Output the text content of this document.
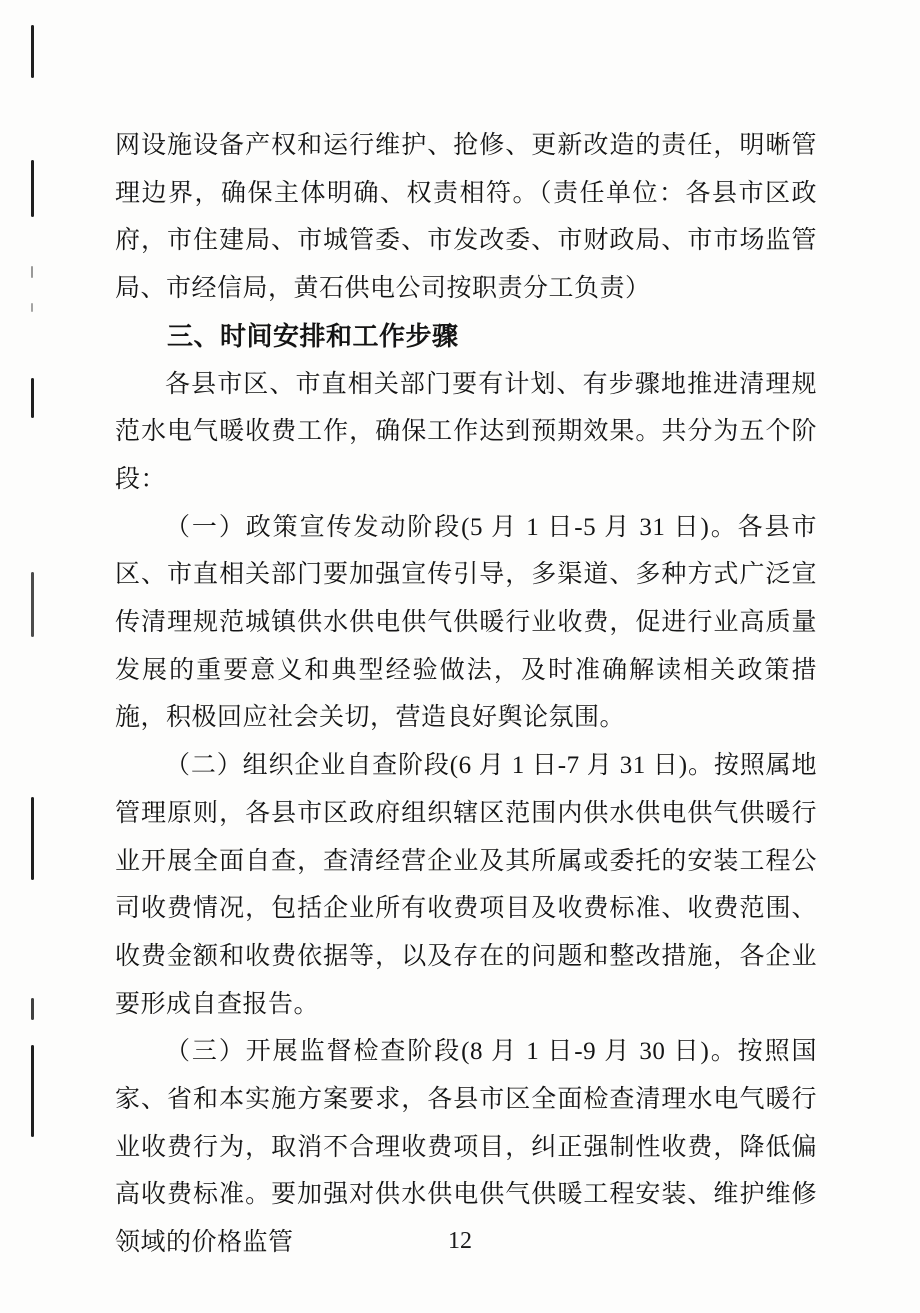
网设施设备产权和运行维护、抢修、更新改造的责任，明晰管理边界，确保主体明确、权责相符。（责任单位：各县市区政府，市住建局、市城管委、市发改委、市财政局、市市场监管局、市经信局，黄石供电公司按职责分工负责）

三、时间安排和工作步骤

各县市区、市直相关部门要有计划、有步骤地推进清理规范水电气暖收费工作，确保工作达到预期效果。共分为五个阶段：

（一）政策宣传发动阶段(5 月 1 日-5 月 31 日)。各县市区、市直相关部门要加强宣传引导，多渠道、多种方式广泛宣传清理规范城镇供水供电供气供暖行业收费，促进行业高质量发展的重要意义和典型经验做法，及时准确解读相关政策措施，积极回应社会关切，营造良好舆论氛围。

（二）组织企业自查阶段(6 月 1 日-7 月 31 日)。按照属地管理原则，各县市区政府组织辖区范围内供水供电供气供暖行业开展全面自查，查清经营企业及其所属或委托的安装工程公司收费情况，包括企业所有收费项目及收费标准、收费范围、收费金额和收费依据等，以及存在的问题和整改措施，各企业要形成自查报告。

（三）开展监督检查阶段(8 月 1 日-9 月 30 日)。按照国家、省和本实施方案要求，各县市区全面检查清理水电气暖行业收费行为，取消不合理收费项目，纠正强制性收费，降低偏高收费标准。要加强对供水供电供气供暖工程安装、维护维修领域的价格监管	12
